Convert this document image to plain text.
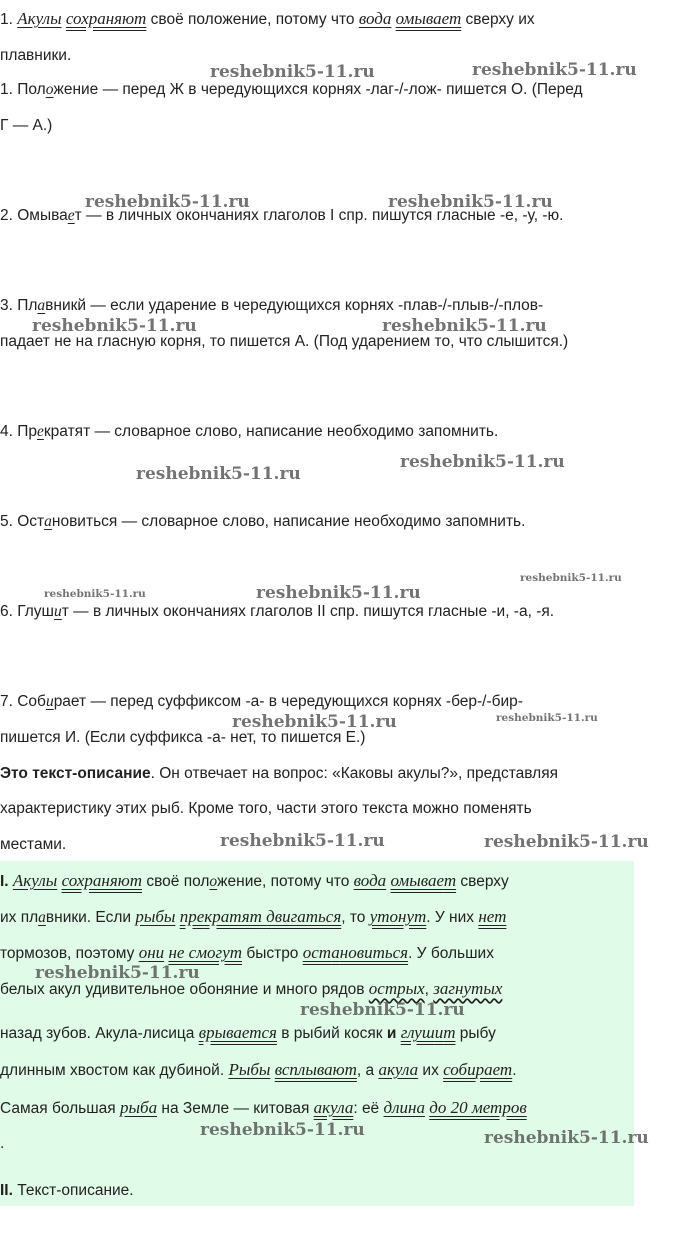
1. Акулы сохраняют своё положение, потому что вода омывает сверху их
плавники.
1. Положение — перед Ж в чередующихся корнях -лаг-/-лож- пишется О. (Перед
Г — А.)
2. Омывает — в личных окончаниях глаголов I спр. пишутся гласные -е, -у, -ю.
3. Плавникй — если ударение в чередующихся корнях -плав-/-плыв-/-плов-
падает не на гласную корня, то пишется А. (Под ударением то, что слышится.)
4. Прекратят — словарное слово, написание необходимо запомнить.
5. Остановиться — словарное слово, написание необходимо запомнить.
6. Глушит — в личных окончаниях глаголов II спр. пишутся гласные -и, -а, -я.
7. Собирает — перед суффиксом -а- в чередующихся корнях -бер-/-бир-
пишется И. (Если суффикса -а- нет, то пишется Е.)
Это текст-описание. Он отвечает на вопрос: «Каковы акулы?», представляя
характеристику этих рыб. Кроме того, части этого текста можно поменять
местами.
I. Акулы сохраняют своё положение, потому что вода омывает сверху
их плавники. Если рыбы прекратят двигаться, то утонут. У них нет
тормозов, поэтому они не смогут быстро остановиться. У больших
белых акул удивительное обоняние и много рядов острых, загнутых
назад зубов. Акула-лисица врывается в рыбий косяк и глушит рыбу
длинным хвостом как дубиной. Рыбы всплывают, а акула их собирает.
Самая большая рыба на Земле — китовая акула: её длина до 20 метров
.
II. Текст-описание.
reshebnik5-11.ru	reshebnik5-11.ru
reshebnik5-11.ru	reshebnik5-11.ru
reshebnik5-11.ru	reshebnik5-11.ru
reshebnik5-11.ru
reshebnik5-11.ru
reshebnik5-11.ru	reshebnik5-11.ru
reshebnik5-11.ru
reshebnik5-11.ru	reshebnik5-11.ru
reshebnik5-11.ru	reshebnik5-11.ru
reshebnik5-11.ru
reshebnik5-11.ru
reshebnik5-11.ru	reshebnik5-11.ru
